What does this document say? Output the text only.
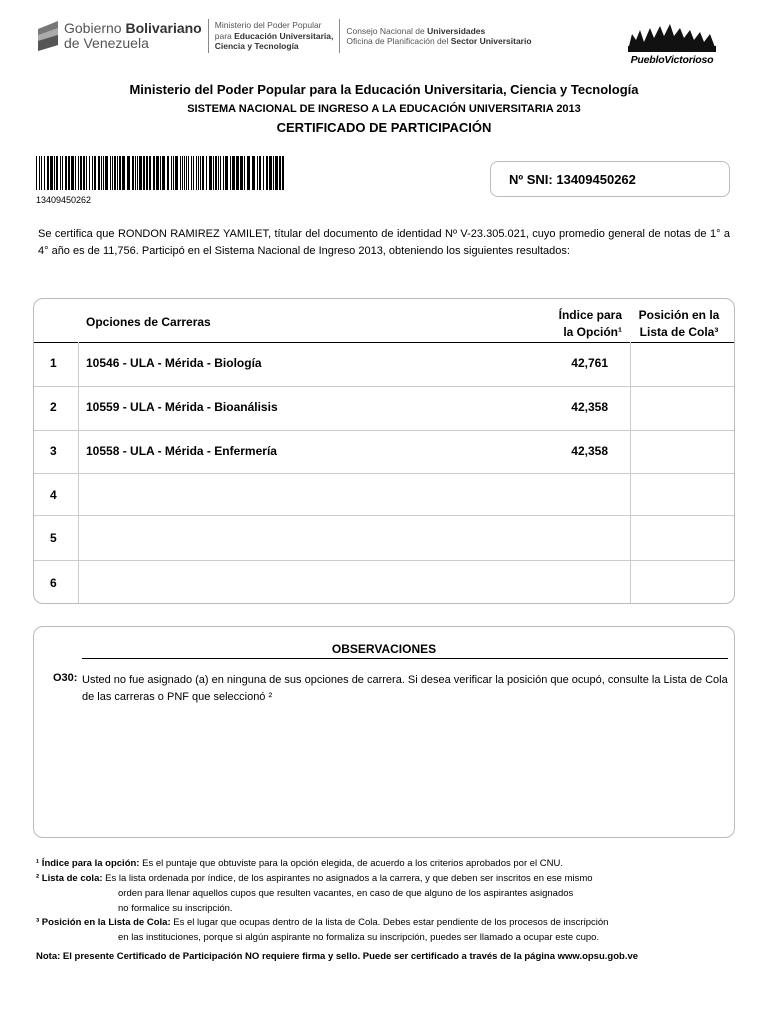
Gobierno Bolivariano
de Venezuela
Ministerio del Poder Popular
para Educación Universitaria,
Ciencia y Tecnología
Consejo Nacional de Universidades
Oficina de Planificación del Sector Universitario
PuebloVictorioso
Ministerio del Poder Popular para la Educación Universitaria, Ciencia y Tecnología
SISTEMA NACIONAL DE INGRESO A LA EDUCACIÓN UNIVERSITARIA 2013
CERTIFICADO DE PARTICIPACIÓN
13409450262
Nº SNI: 13409450262
Se certifica que RONDON RAMIREZ YAMILET, títular del documento de identidad Nº V-23.305.021, cuyo promedio general de notas de 1° a 4° año es de 11,756. Participó en el Sistema Nacional de Ingreso 2013, obteniendo los siguientes resultados:
Opciones de Carreras	Índice para
la Opción¹
Posición en la
Lista de Cola³
1 10546 - ULA - Mérida - Biología	42,761
2 10559 - ULA - Mérida - Bioanálisis	42,358
3 10558 - ULA - Mérida - Enfermería	42,358
4
5
6
OBSERVACIONES
O30: Usted no fue asignado (a) en ninguna de sus opciones de carrera. Si desea verificar la posición que ocupó, consulte la Lista de Cola de las carreras o PNF que seleccionó ²
¹ Índice para la opción: Es el puntaje que obtuviste para la opción elegida, de acuerdo a los criterios aprobados por el CNU.
² Lista de cola: Es la lista ordenada por índice, de los aspirantes no asignados a la carrera, y que deben ser inscritos en ese mismo
orden para llenar aquellos cupos que resulten vacantes, en caso de que alguno de los aspirantes asignados
no formalice su inscripción.
³ Posición en la Lista de Cola: Es el lugar que ocupas dentro de la lista de Cola. Debes estar pendiente de los procesos de inscripción
en las instituciones, porque si algún aspirante no formaliza su inscripción, puedes ser llamado a ocupar este cupo.
Nota: El presente Certificado de Participación NO requiere firma y sello. Puede ser certificado a través de la página www.opsu.gob.ve
